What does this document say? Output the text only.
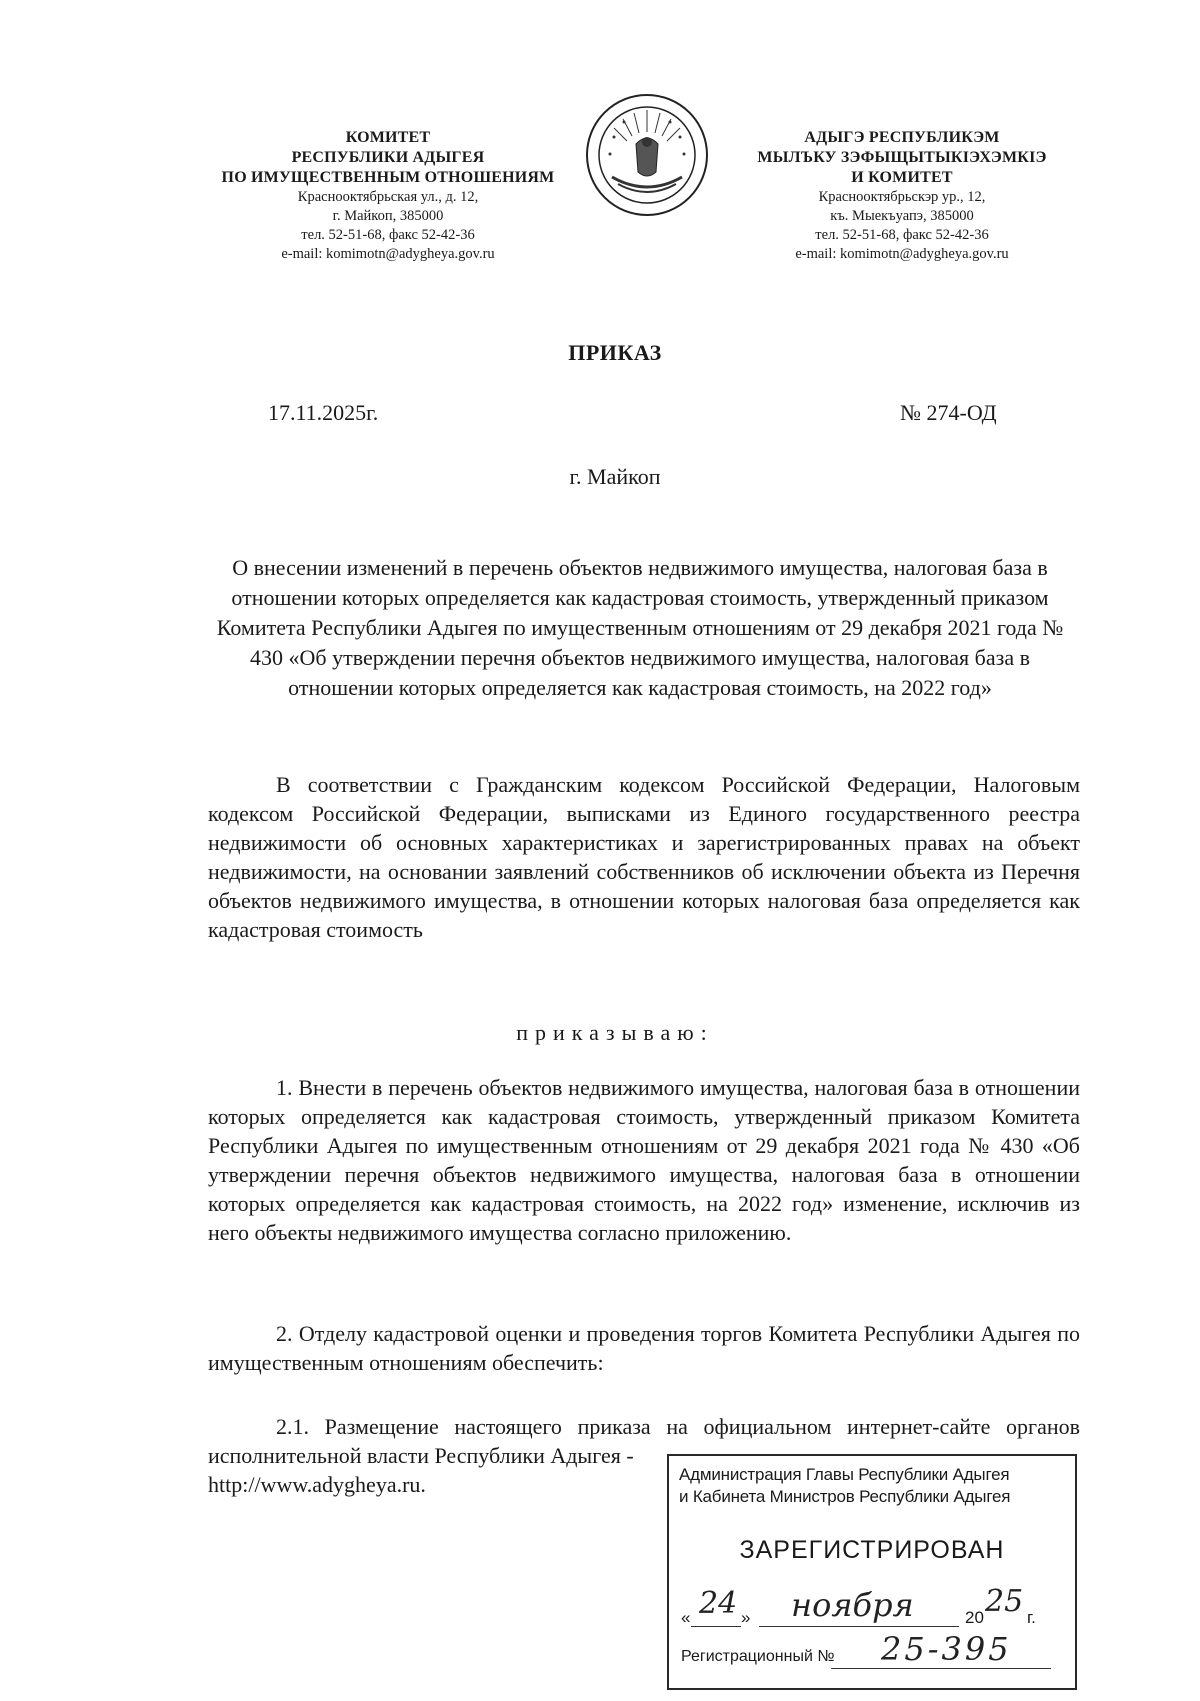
КОМИТЕТ
РЕСПУБЛИКИ АДЫГЕЯ
ПО ИМУЩЕСТВЕННЫМ ОТНОШЕНИЯМ
Краснооктябрьская ул., д. 12,
г. Майкоп, 385000
тел. 52-51-68, факс 52-42-36
e-mail: komimotn@adygheya.gov.ru
АДЫГЭ РЕСПУБЛИКЭМ
МЫЛЪКУ ЗЭФЫЩЫТЫКІЭХЭМКІЭ
И КОМИТЕТ
Краснооктябрьскэр ур., 12,
къ. Мыекъуапэ, 385000
тел. 52-51-68, факс 52-42-36
e-mail: komimotn@adygheya.gov.ru
ПРИКАЗ
17.11.2025г.	№ 274-ОД
г. Майкоп
О внесении изменений в перечень объектов недвижимого имущества, налоговая база в отношении которых определяется как кадастровая стоимость, утвержденный приказом Комитета Республики Адыгея по имущественным отношениям от 29 декабря 2021 года № 430 «Об утверждении перечня объектов недвижимого имущества, налоговая база в отношении которых определяется как кадастровая стоимость, на 2022 год»
В соответствии с Гражданским кодексом Российской Федерации, Налоговым кодексом Российской Федерации, выписками из Единого государственного реестра недвижимости об основных характеристиках и зарегистрированных правах на объект недвижимости, на основании заявлений собственников об исключении объекта из Перечня объектов недвижимого имущества, в отношении которых налоговая база определяется как кадастровая стоимость
приказываю:
1. Внести в перечень объектов недвижимого имущества, налоговая база в отношении которых определяется как кадастровая стоимость, утвержденный приказом Комитета Республики Адыгея по имущественным отношениям от 29 декабря 2021 года № 430 «Об утверждении перечня объектов недвижимого имущества, налоговая база в отношении которых определяется как кадастровая стоимость, на 2022 год» изменение, исключив из него объекты недвижимого имущества согласно приложению.
2. Отделу кадастровой оценки и проведения торгов Комитета Республики Адыгея по имущественным отношениям обеспечить:
2.1. Размещение настоящего приказа на официальном интернет-сайте органов исполнительной власти Республики Адыгея -
http://www.adygheya.ru.	Администрация Главы Республики Адыгея
и Кабинета Министров Республики Адыгея
ЗАРЕГИСТРИРОВАН
« 24 » ноября	20 25 г.
Регистрационный № 25-395
